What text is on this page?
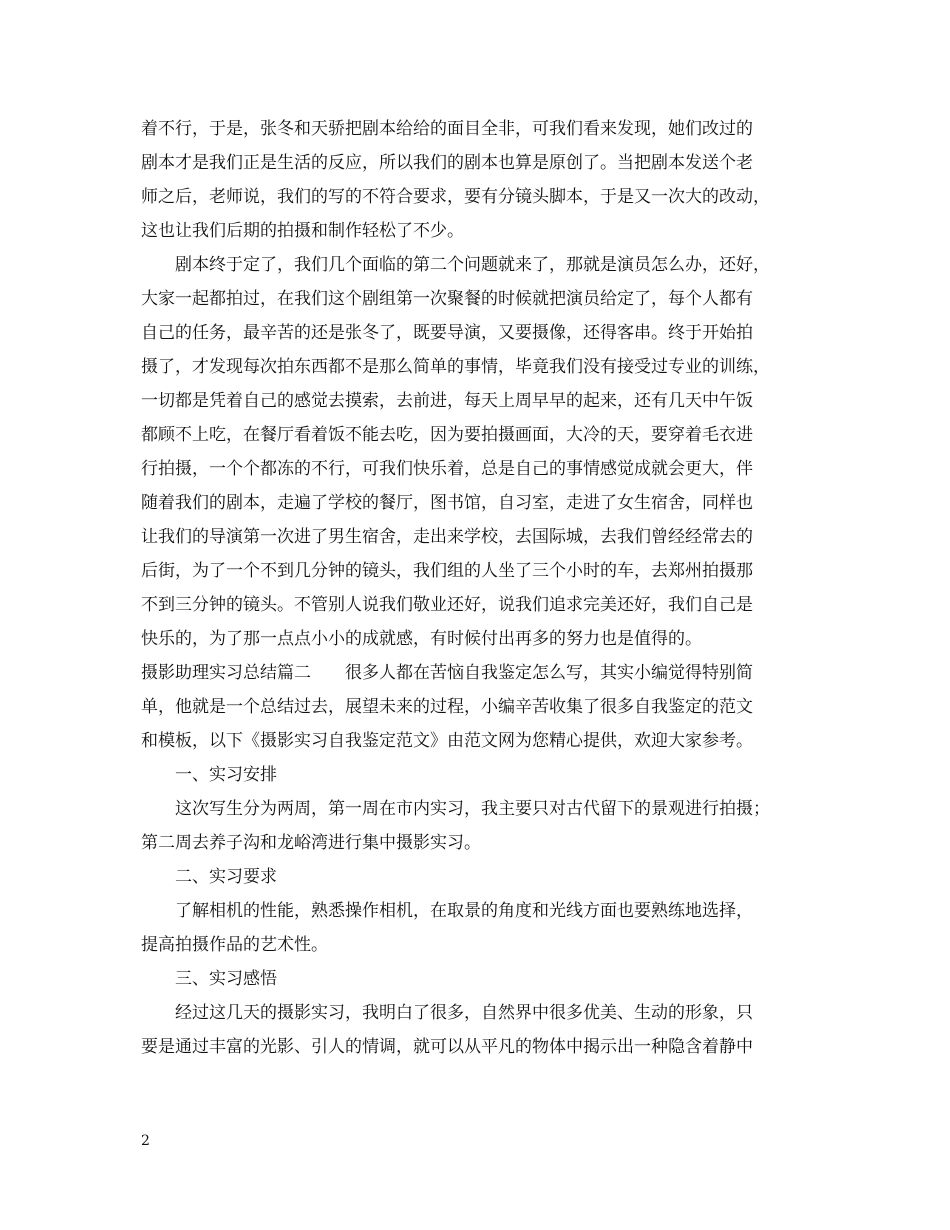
着不行，于是，张冬和天骄把剧本给给的面目全非，可我们看来发现，她们改过的
剧本才是我们正是生活的反应，所以我们的剧本也算是原创了。当把剧本发送个老
师之后，老师说，我们的写的不符合要求，要有分镜头脚本，于是又一次大的改动，
这也让我们后期的拍摄和制作轻松了不少。
剧本终于定了，我们几个面临的第二个问题就来了，那就是演员怎么办，还好，
大家一起都拍过，在我们这个剧组第一次聚餐的时候就把演员给定了，每个人都有
自己的任务，最辛苦的还是张冬了，既要导演，又要摄像，还得客串。终于开始拍
摄了，才发现每次拍东西都不是那么简单的事情，毕竟我们没有接受过专业的训练，
一切都是凭着自己的感觉去摸索，去前进，每天上周早早的起来，还有几天中午饭
都顾不上吃，在餐厅看着饭不能去吃，因为要拍摄画面，大冷的天，要穿着毛衣进
行拍摄，一个个都冻的不行，可我们快乐着，总是自己的事情感觉成就会更大，伴
随着我们的剧本，走遍了学校的餐厅，图书馆，自习室，走进了女生宿舍，同样也
让我们的导演第一次进了男生宿舍，走出来学校，去国际城，去我们曾经经常去的
后街，为了一个不到几分钟的镜头，我们组的人坐了三个小时的车，去郑州拍摄那
不到三分钟的镜头。不管别人说我们敬业还好，说我们追求完美还好，我们自己是
快乐的，为了那一点点小小的成就感，有时候付出再多的努力也是值得的。
摄影助理实习总结篇二　　很多人都在苦恼自我鉴定怎么写，其实小编觉得特别简
单，他就是一个总结过去，展望未来的过程，小编辛苦收集了很多自我鉴定的范文
和模板，以下《摄影实习自我鉴定范文》由范文网为您精心提供，欢迎大家参考。
一、实习安排
这次写生分为两周，第一周在市内实习，我主要只对古代留下的景观进行拍摄；
第二周去养子沟和龙峪湾进行集中摄影实习。
二、实习要求
了解相机的性能，熟悉操作相机，在取景的角度和光线方面也要熟练地选择，
提高拍摄作品的艺术性。
三、实习感悟
经过这几天的摄影实习，我明白了很多，自然界中很多优美、生动的形象，只
要是通过丰富的光影、引人的情调，就可以从平凡的物体中揭示出一种隐含着静中
2
